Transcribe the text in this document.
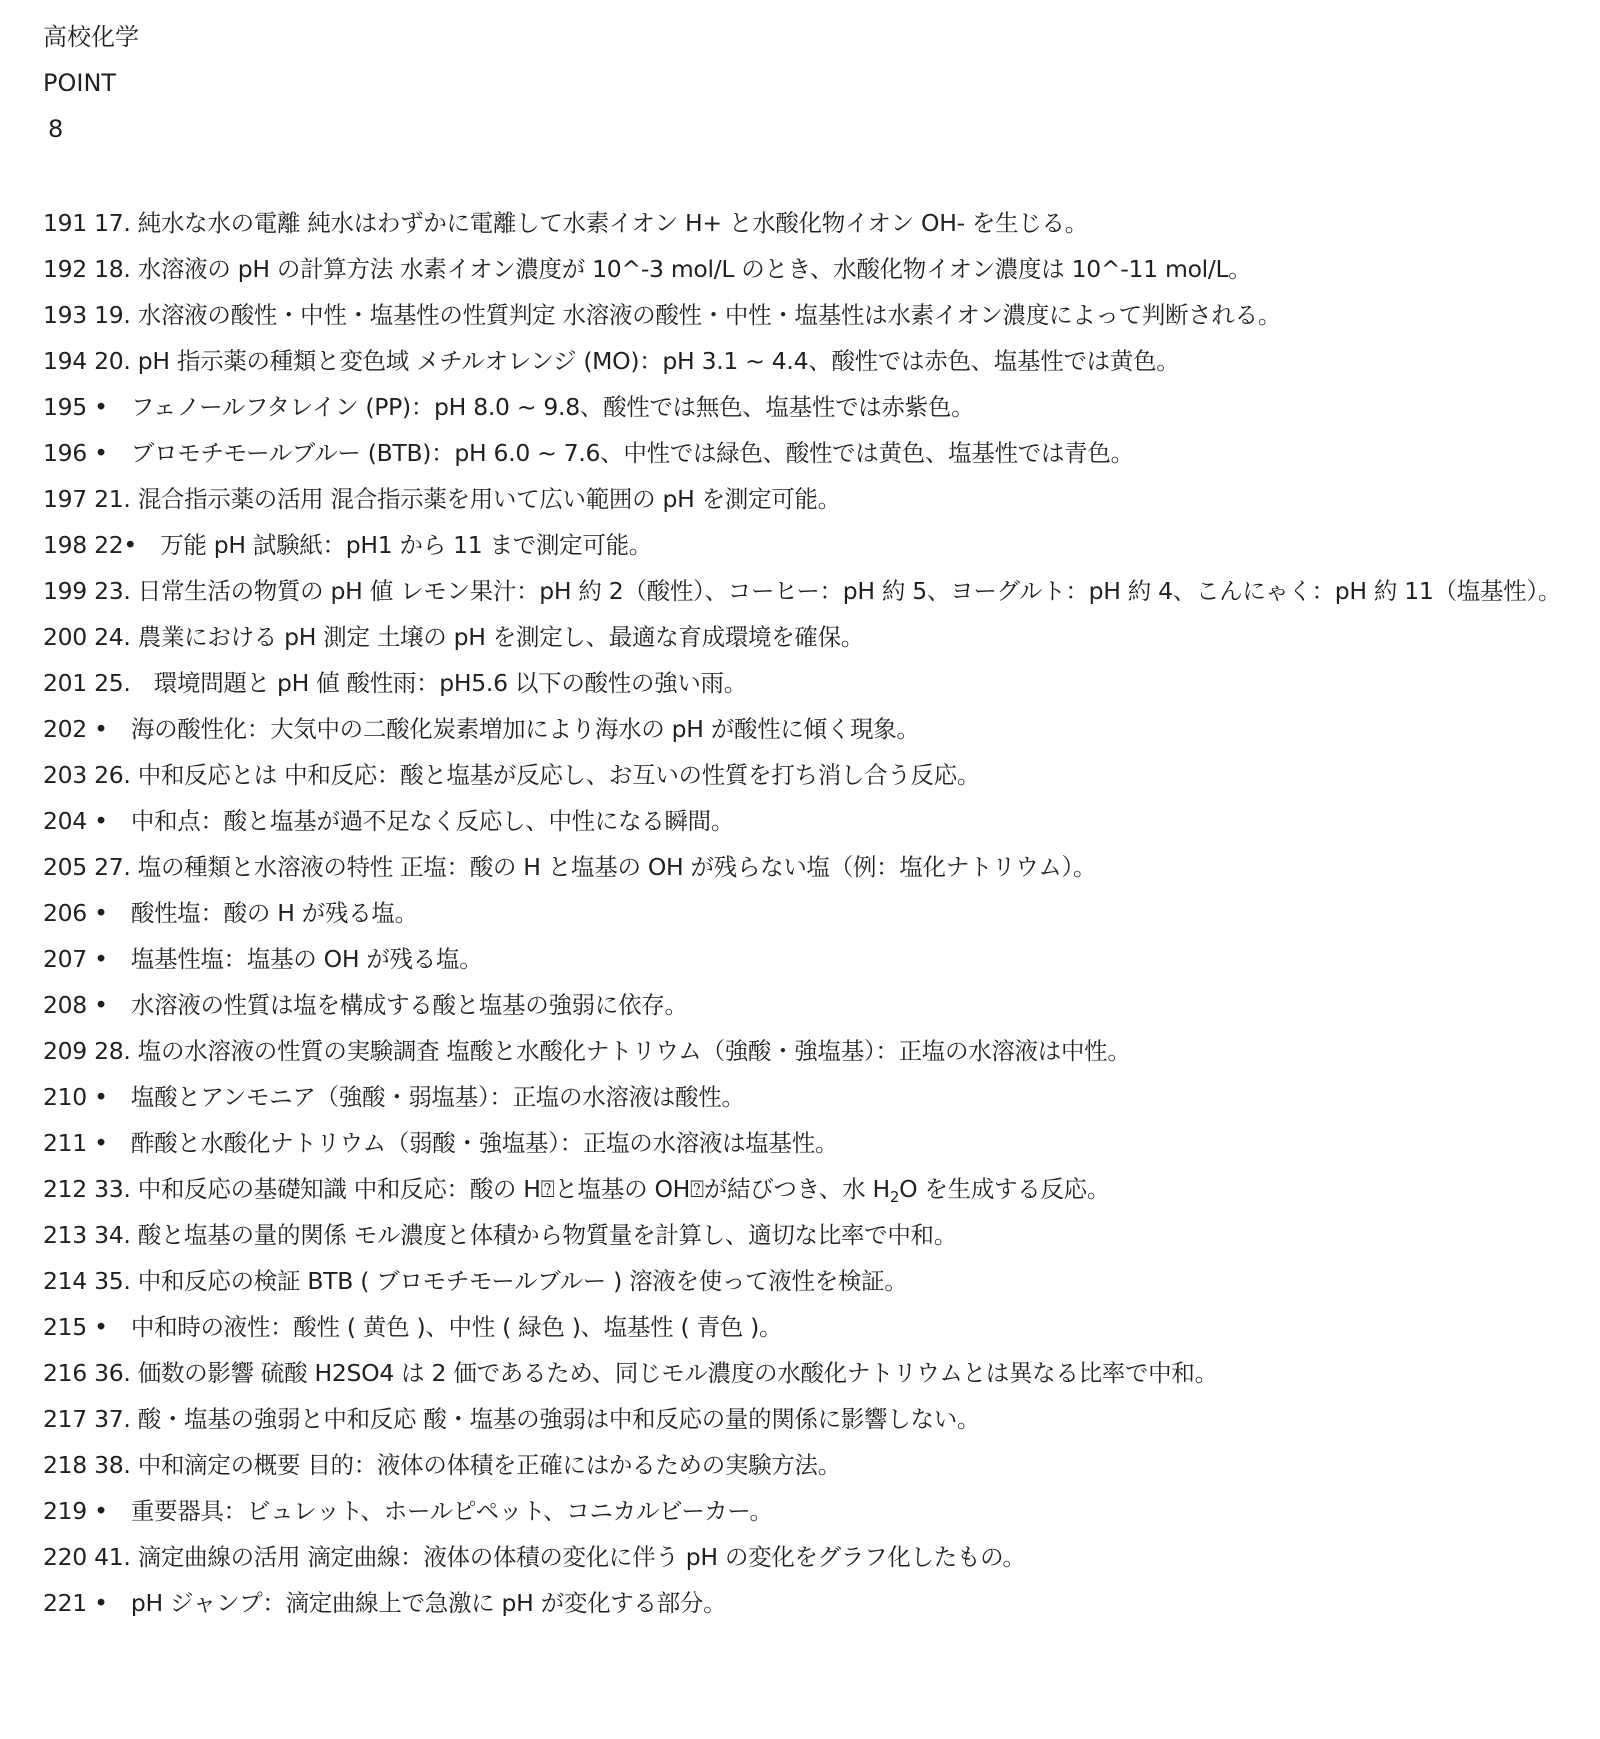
高校化学
POINT
8
191 17. 純水な水の電離 純水はわずかに電離して水素イオン H+ と水酸化物イオン OH- を生じる。
192 18. 水溶液の pH の計算方法 水素イオン濃度が 10^-3 mol/L のとき、水酸化物イオン濃度は 10^-11 mol/L。
193 19. 水溶液の酸性・中性・塩基性の性質判定 水溶液の酸性・中性・塩基性は水素イオン濃度によって判断される。
194 20. pH 指示薬の種類と変色域 メチルオレンジ (MO)：pH 3.1 ~ 4.4、酸性では赤色、塩基性では黄色。
195 •　フェノールフタレイン (PP)：pH 8.0 ~ 9.8、酸性では無色、塩基性では赤紫色。
196 •　ブロモチモールブルー (BTB)：pH 6.0 ~ 7.6、中性では緑色、酸性では黄色、塩基性では青色。
197 21. 混合指示薬の活用 混合指示薬を用いて広い範囲の pH を測定可能。
198 22•　万能 pH 試験紙：pH1 から 11 まで測定可能。
199 23. 日常生活の物質の pH 値 レモン果汁：pH 約 2（酸性）、コーヒー：pH 約 5、ヨーグルト：pH 約 4、こんにゃく：pH 約 11（塩基性）。
200 24. 農業における pH 測定 土壌の pH を測定し、最適な育成環境を確保。
201 25.　環境問題と pH 値 酸性雨：pH5.6 以下の酸性の強い雨。
202 •　海の酸性化：大気中の二酸化炭素増加により海水の pH が酸性に傾く現象。
203 26. 中和反応とは 中和反応：酸と塩基が反応し、お互いの性質を打ち消し合う反応。
204 •　中和点：酸と塩基が過不足なく反応し、中性になる瞬間。
205 27. 塩の種類と水溶液の特性 正塩：酸の H と塩基の OH が残らない塩（例：塩化ナトリウム）。
206 •　酸性塩：酸の H が残る塩。
207 •　塩基性塩：塩基の OH が残る塩。
208 •　水溶液の性質は塩を構成する酸と塩基の強弱に依存。
209 28. 塩の水溶液の性質の実験調査 塩酸と水酸化ナトリウム（強酸・強塩基）：正塩の水溶液は中性。
210 •　塩酸とアンモニア（強酸・弱塩基）：正塩の水溶液は酸性。
211 •　酢酸と水酸化ナトリウム（弱酸・強塩基）：正塩の水溶液は塩基性。
212 33. 中和反応の基礎知識 中和反応：酸の H⍰と塩基の OH⍰が結びつき、水 $H_2O$ を生成する反応。
213 34. 酸と塩基の量的関係 モル濃度と体積から物質量を計算し、適切な比率で中和。
214 35. 中和反応の検証 BTB ( ブロモチモールブルー ) 溶液を使って液性を検証。
215 •　中和時の液性：酸性 ( 黄色 )、中性 ( 緑色 )、塩基性 ( 青色 )。
216 36. 価数の影響 硫酸 H2SO4 は 2 価であるため、同じモル濃度の水酸化ナトリウムとは異なる比率で中和。
217 37. 酸・塩基の強弱と中和反応 酸・塩基の強弱は中和反応の量的関係に影響しない。
218 38. 中和滴定の概要 目的：液体の体積を正確にはかるための実験方法。
219 •　重要器具：ビュレット、ホールピペット、コニカルビーカー。
220 41. 滴定曲線の活用 滴定曲線：液体の体積の変化に伴う pH の変化をグラフ化したもの。
221 •　pH ジャンプ：滴定曲線上で急激に pH が変化する部分。
